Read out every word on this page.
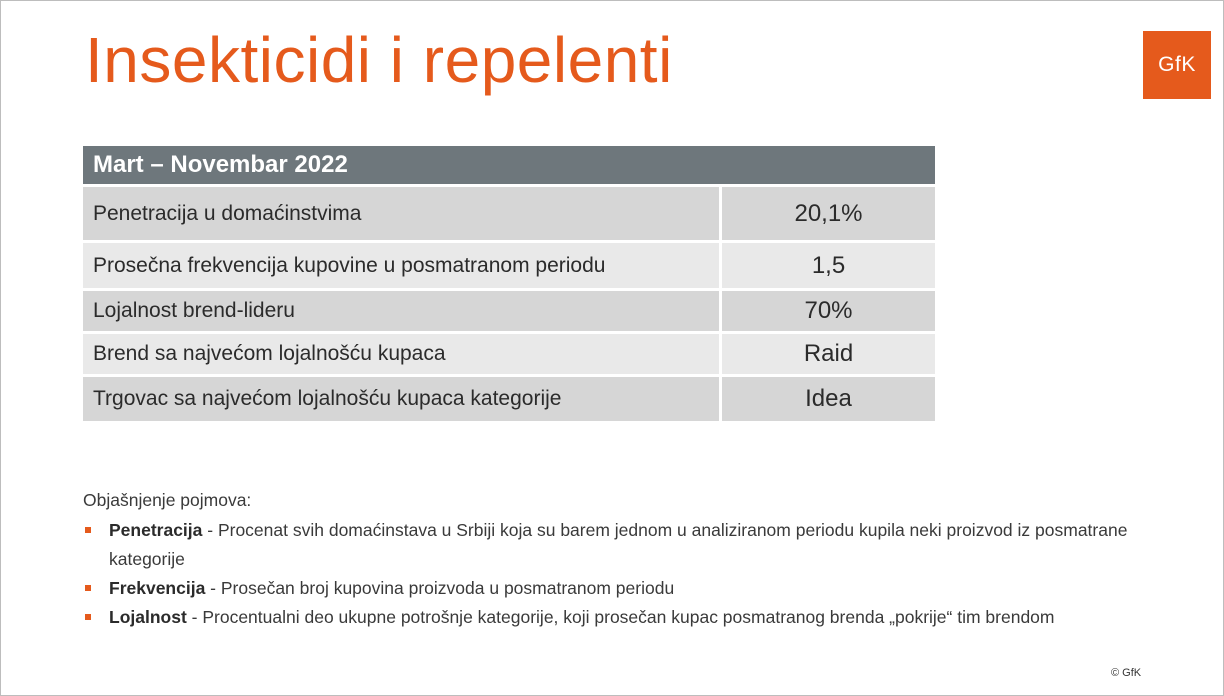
Insekticidi i repelenti	GfK
Mart – Novembar 2022
Penetracija u domaćinstvima	20,1%
Prosečna frekvencija kupovine u posmatranom periodu	1,5
Lojalnost brend-lideru	70%
Brend sa najvećom lojalnošću kupaca	Raid
Trgovac sa najvećom lojalnošću kupaca kategorije	Idea
Objašnjenje pojmova:
Penetracija - Procenat svih domaćinstava u Srbiji koja su barem jednom u analiziranom periodu kupila neki proizvod iz posmatrane kategorije
Frekvencija - Prosečan broj kupovina proizvoda u posmatranom periodu
Lojalnost - Procentualni deo ukupne potrošnje kategorije, koji prosečan kupac posmatranog brenda „pokrije“ tim brendom
© GfK
